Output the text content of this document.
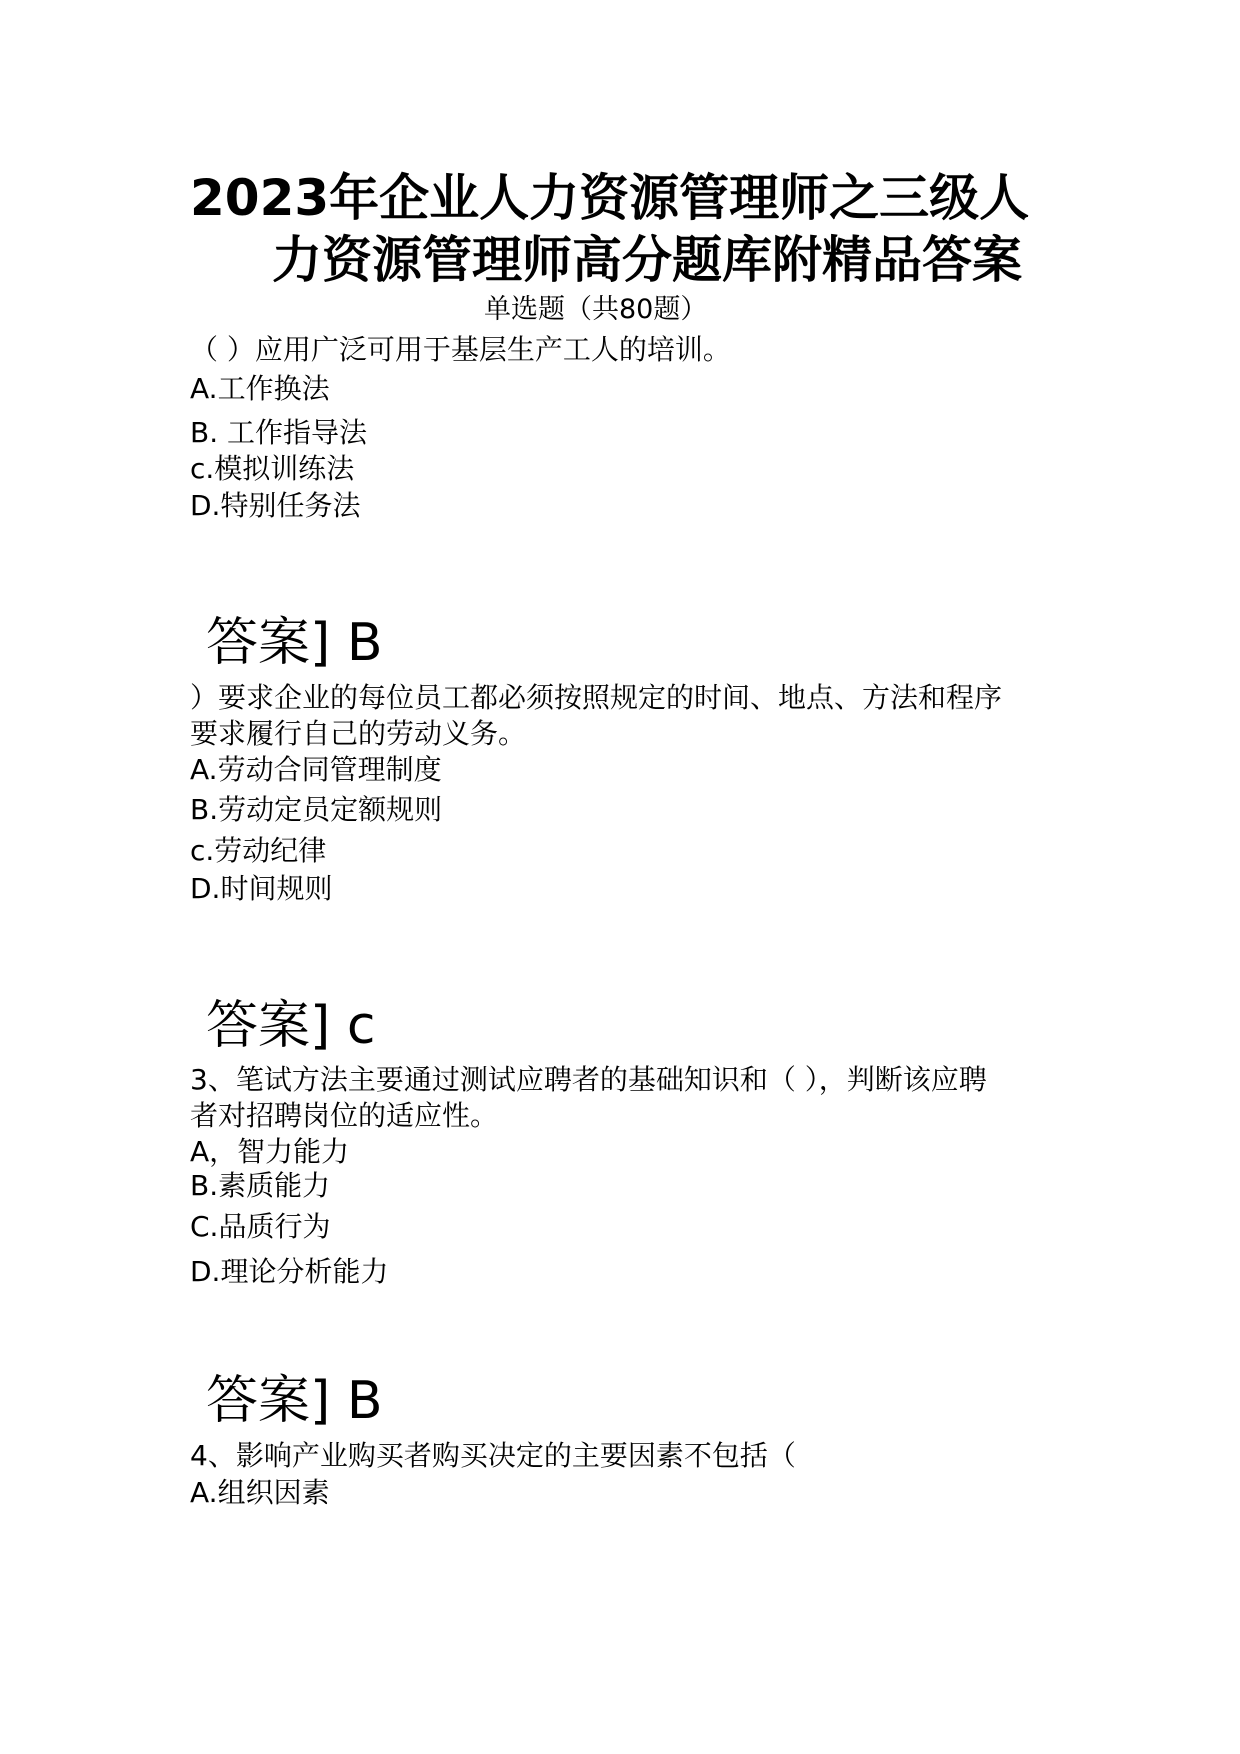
2023年企业人力资源管理师之三级人
力资源管理师高分题库附精品答案
单选题（共80题）
（ ）应用广泛可用于基层生产工人的培训。
A.工作换法
B. 工作指导法
c.模拟训练法
D.特别任务法
答案] B
）要求企业的每位员工都必须按照规定的时间、地点、方法和程序
要求履行自己的劳动义务。
A.劳动合同管理制度
B.劳动定员定额规则
c.劳动纪律
D.时间规则
答案] c
3、笔试方法主要通过测试应聘者的基础知识和（ ），判断该应聘
者对招聘岗位的适应性。
A，智力能力
B.素质能力
C.品质行为
D.理论分析能力
答案] B
4、影响产业购买者购买决定的主要因素不包括（
A.组织因素
